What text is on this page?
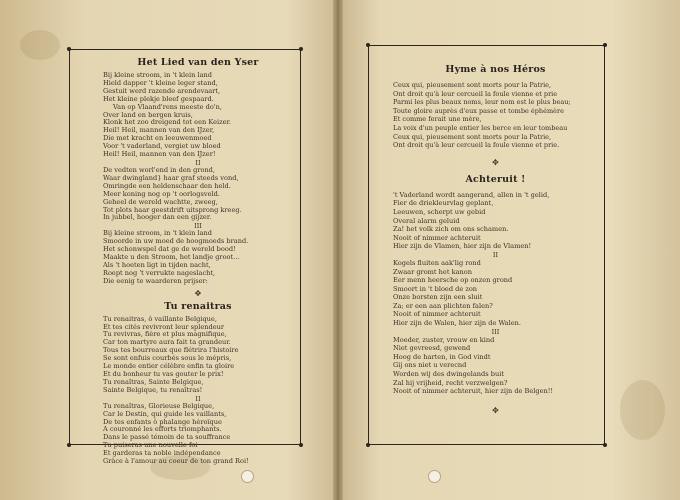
Het Lied van den Yser

Bij kleine stroom, in 't klein land

Hield dapper 't kleine leger stand,

Gestuit werd razende arendevaart,

Het kleine plekje bleef gespaard.

Van op Vlaand'rens meeste do'n,

Over land en bergen kruis,

Klonk het zoo dreigend tot een Keizer.

Heil! Heil, mannen van den IJzer,

Die met kracht en leeuwenmoed

Voor 't vaderland, vergiet uw bloed

Heil! Heil, mannen van den IJzer!

II

De vedten worl'end in den grond,

Waar dwingland} haar graf steeds vond,

Omringde een heldenschaar den held.

Meer koning nog op 't oorlogsveld.

Geheel de wereld wachtte, zweeg,

Tot plots haar geestdrift uitsprong kreeg.

In jubbel, hooger dan een gijzer.

III

Bij kleine stroom, in 't klein land

Smoorde in uw moed de hoogmoeds brand.

Het schonwspel dat ge de wereld bood!

Maakte u den Stroom, het landje groot...

Als 't hoeten ligt in tijden nacht,

Roept nog 't verrukte nageslacht,

Die eenig te waarderen prijser:

✥

Tu renaitras

Tu renaitras, ô vaillante Belgique,

Et tes cités revivront leur splendeur

Tu revivras, fière et plus magnifique,

Car ton martyre aura fait ta grandeur.

Tous tes bourreaux que flétrira l'histoire

Se sont enfuis courbés sous le mépris,

Le monde entier célèbre enfin ta gloire

Et du bonheur tu vas gouter le prix!

Tu renaîtras, Sainte Belgique,

Sainte Belgique, tu renaîtras!

II

Tu renaîtras, Glorieuse Belgique,

Car le Destin, qui guide les vaillants,

De tes enfants ô phalange héroïque

A couronné les efforts triomphants.

Dans le passé témoin de ta souffrance

Tu puiseras une nouvelle foi

Et garderas ta noble indépendance

Grâce à l'amour au coeur de ton grand Roi!

Hyme à nos Héros

Ceux qui, pieusement sont morts pour la Patrie,

Ont droit qu'à leur cercueil la foule vienne et prie

Parmi les plus beaux noms, leur nom est le plus beau;

Toute gloire auprès d'eux passe et tombe éphémère

Et comme ferait une mère,

La voix d'un peuple entier les berce en leur tombeau

Ceux qui, pieusement sont morts pour la Patrie,

Ont droit qu'à leur cercueil la foule vienne et prie.

✥

Achteruit !

't Vaderland wordt aangerand, allen in 't gelid,

Fier de driekleurvlag geplant,

Leeuwen, scherpt uw gebid

Overal alarm geluid

Za! het volk zich om ons schamen.

Nooit of nimmer achteruit

Hier zijn de Vlamen, hier zijn de Vlamen!

II

Kogels fluiten aak'lig rond

Zwaar gromt het kanon

Eer menn heersche op onzen grond

Smoort in 't bloed de zon

Onze borsten zijn een sluit

Za; er een aan plichten falen?

Nooit of nimmer achteruit

Hier zijn de Walen, hier zijn de Walen.

III

Moeder, zuster, vrouw en kind

Niet gevreesd, gewend

Hoog de harten, in God vindt

Gij ons niet u verecnd

Worden wij des dwingelands buit

Zal hij vrijheid, recht verzwelgen?

Nooit of nimmer achteruit, hier zijn de Belgen!!

✥
